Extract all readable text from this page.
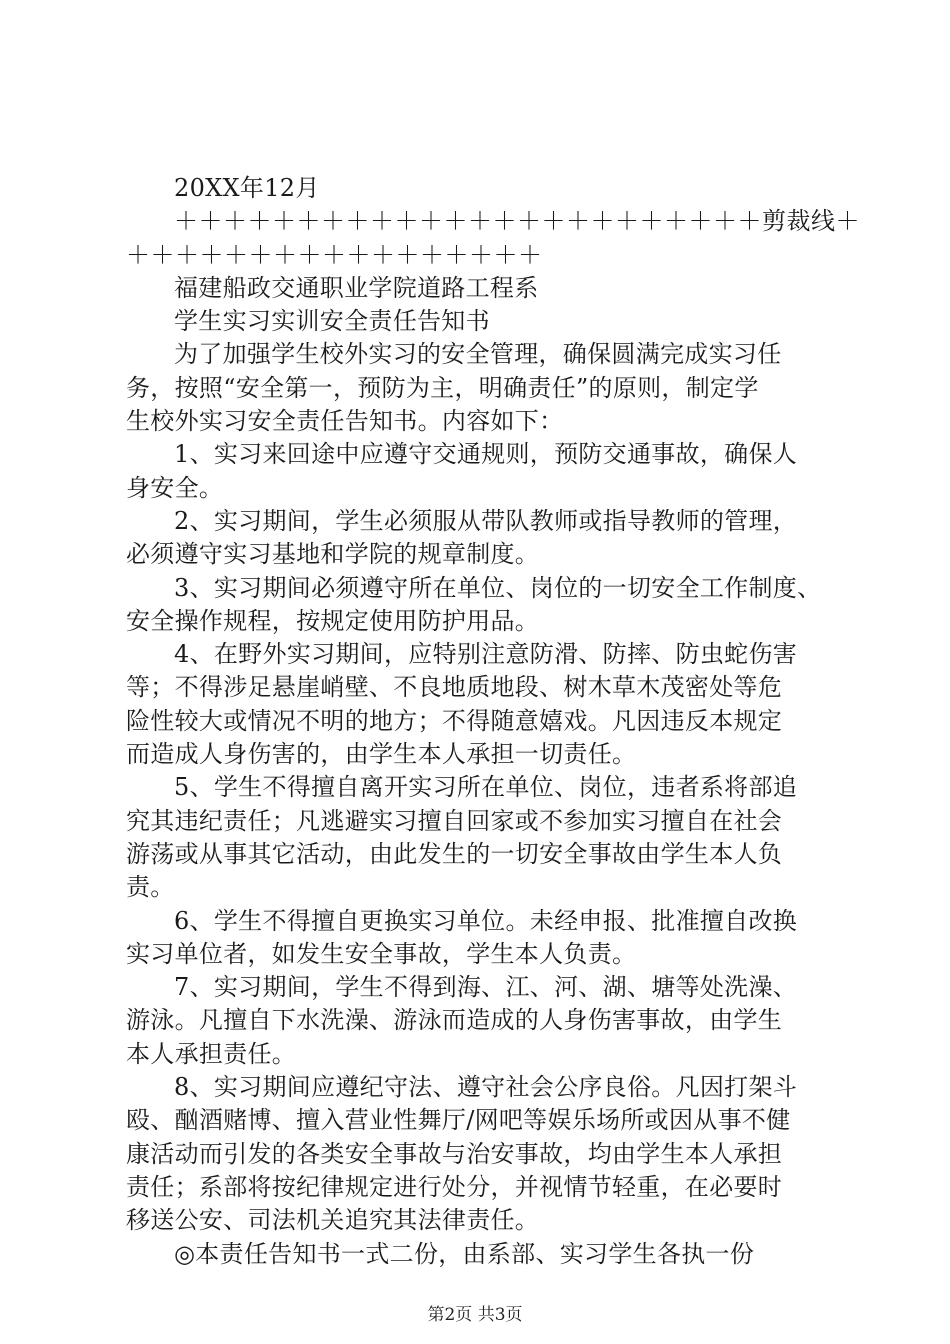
20XX年12月
＋＋＋＋＋＋＋＋＋＋＋＋＋＋＋＋＋＋＋＋＋＋＋＋剪裁线＋
＋＋＋＋＋＋＋＋＋＋＋＋＋＋＋＋＋
福建船政交通职业学院道路工程系
学生实习实训安全责任告知书
为了加强学生校外实习的安全管理，确保圆满完成实习任
务，按照“安全第一，预防为主，明确责任”的原则，制定学
生校外实习安全责任告知书。内容如下：
1、实习来回途中应遵守交通规则，预防交通事故，确保人
身安全。
2、实习期间，学生必须服从带队教师或指导教师的管理，
必须遵守实习基地和学院的规章制度。
3、实习期间必须遵守所在单位、岗位的一切安全工作制度、
安全操作规程，按规定使用防护用品。
4、在野外实习期间，应特别注意防滑、防摔、防虫蛇伤害
等；不得涉足悬崖峭壁、不良地质地段、树木草木茂密处等危
险性较大或情况不明的地方；不得随意嬉戏。凡因违反本规定
而造成人身伤害的，由学生本人承担一切责任。
5、学生不得擅自离开实习所在单位、岗位，违者系将部追
究其违纪责任；凡逃避实习擅自回家或不参加实习擅自在社会
游荡或从事其它活动，由此发生的一切安全事故由学生本人负
责。
6、学生不得擅自更换实习单位。未经申报、批准擅自改换
实习单位者，如发生安全事故，学生本人负责。
7、实习期间，学生不得到海、江、河、湖、塘等处洗澡、
游泳。凡擅自下水洗澡、游泳而造成的人身伤害事故，由学生
本人承担责任。
8、实习期间应遵纪守法、遵守社会公序良俗。凡因打架斗
殴、酗酒赌博、擅入营业性舞厅/网吧等娱乐场所或因从事不健
康活动而引发的各类安全事故与治安事故，均由学生本人承担
责任；系部将按纪律规定进行处分，并视情节轻重，在必要时
移送公安、司法机关追究其法律责任。
◎本责任告知书一式二份，由系部、实习学生各执一份
第2页 共3页
